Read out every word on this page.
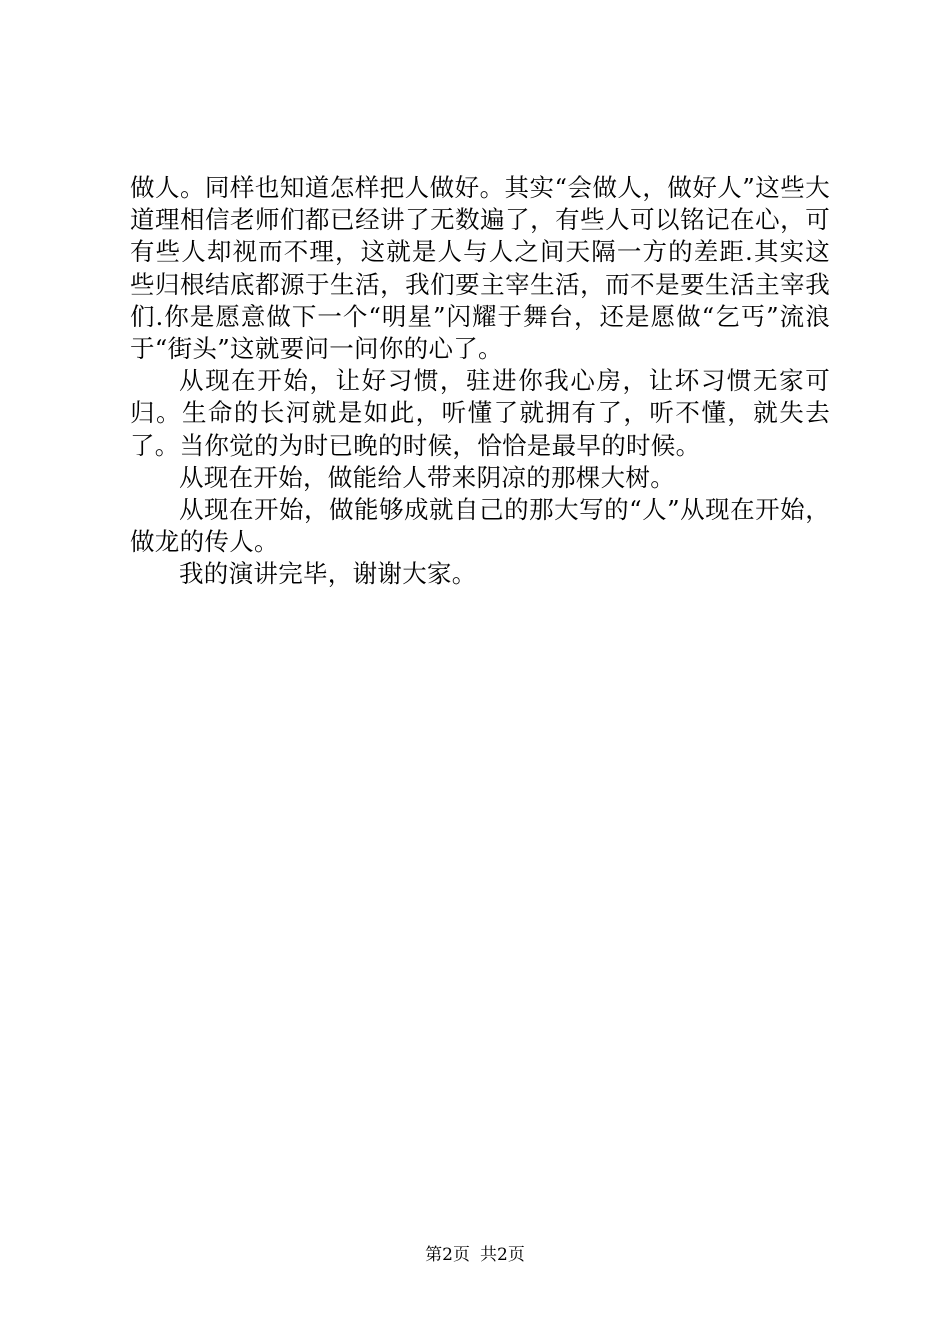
做人。同样也知道怎样把人做好。其实“会做人，做好人”这些大道理相信老师们都已经讲了无数遍了，有些人可以铭记在心，可有些人却视而不理，这就是人与人之间天隔一方的差距.其实这些归根结底都源于生活，我们要主宰生活，而不是要生活主宰我们.你是愿意做下一个“明星”闪耀于舞台，还是愿做“乞丐”流浪于“街头”这就要问一问你的心了。

从现在开始，让好习惯，驻进你我心房，让坏习惯无家可归。生命的长河就是如此，听懂了就拥有了，听不懂，就失去了。当你觉的为时已晚的时候，恰恰是最早的时候。

从现在开始，做能给人带来阴凉的那棵大树。

从现在开始，做能够成就自己的那大写的“人”从现在开始，做龙的传人。

我的演讲完毕，谢谢大家。

第2页 共2页
